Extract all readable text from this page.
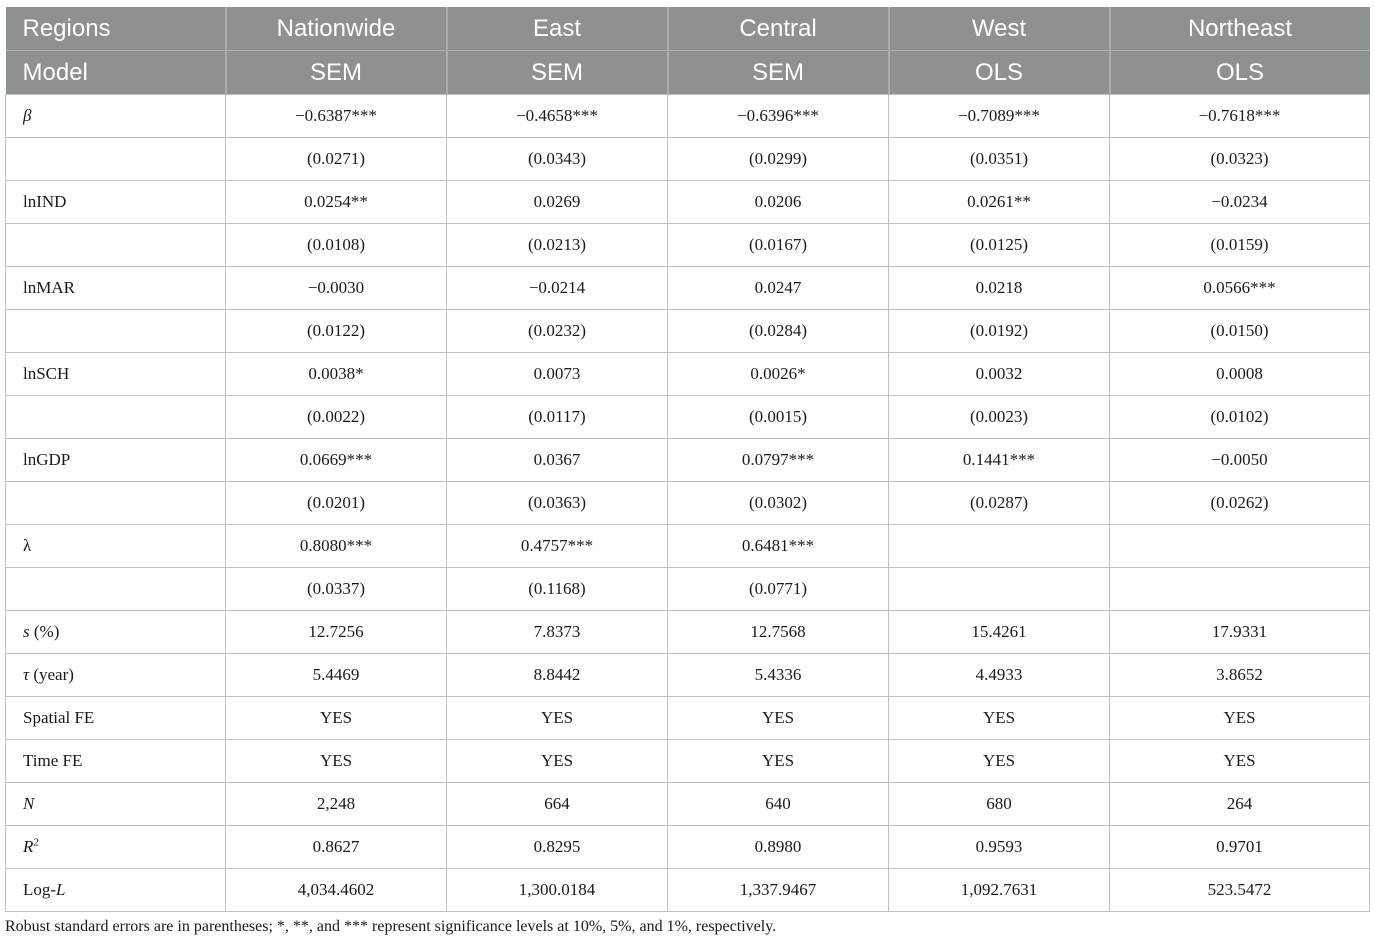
Regions	Nationwide	East	Central	West	Northeast
Model	SEM	SEM	SEM	OLS	OLS
β	−0.6387***	−0.4658***	−0.6396***	−0.7089***	−0.7618***
	(0.0271)	(0.0343)	(0.0299)	(0.0351)	(0.0323)
lnIND	0.0254**	0.0269	0.0206	0.0261**	−0.0234
	(0.0108)	(0.0213)	(0.0167)	(0.0125)	(0.0159)
lnMAR	−0.0030	−0.0214	0.0247	0.0218	0.0566***
	(0.0122)	(0.0232)	(0.0284)	(0.0192)	(0.0150)
lnSCH	0.0038*	0.0073	0.0026*	0.0032	0.0008
	(0.0022)	(0.0117)	(0.0015)	(0.0023)	(0.0102)
lnGDP	0.0669***	0.0367	0.0797***	0.1441***	−0.0050
	(0.0201)	(0.0363)	(0.0302)	(0.0287)	(0.0262)
λ	0.8080***	0.4757***	0.6481***		
	(0.0337)	(0.1168)	(0.0771)		
s (%)	12.7256	7.8373	12.7568	15.4261	17.9331
τ (year)	5.4469	8.8442	5.4336	4.4933	3.8652
Spatial FE	YES	YES	YES	YES	YES
Time FE	YES	YES	YES	YES	YES
N	2,248	664	640	680	264
$R^2$	0.8627	0.8295	0.8980	0.9593	0.9701
Log-L	4,034.4602	1,300.0184	1,337.9467	1,092.7631	523.5472
Robust standard errors are in parentheses; *, **, and *** represent significance levels at 10%, 5%, and 1%, respectively.
